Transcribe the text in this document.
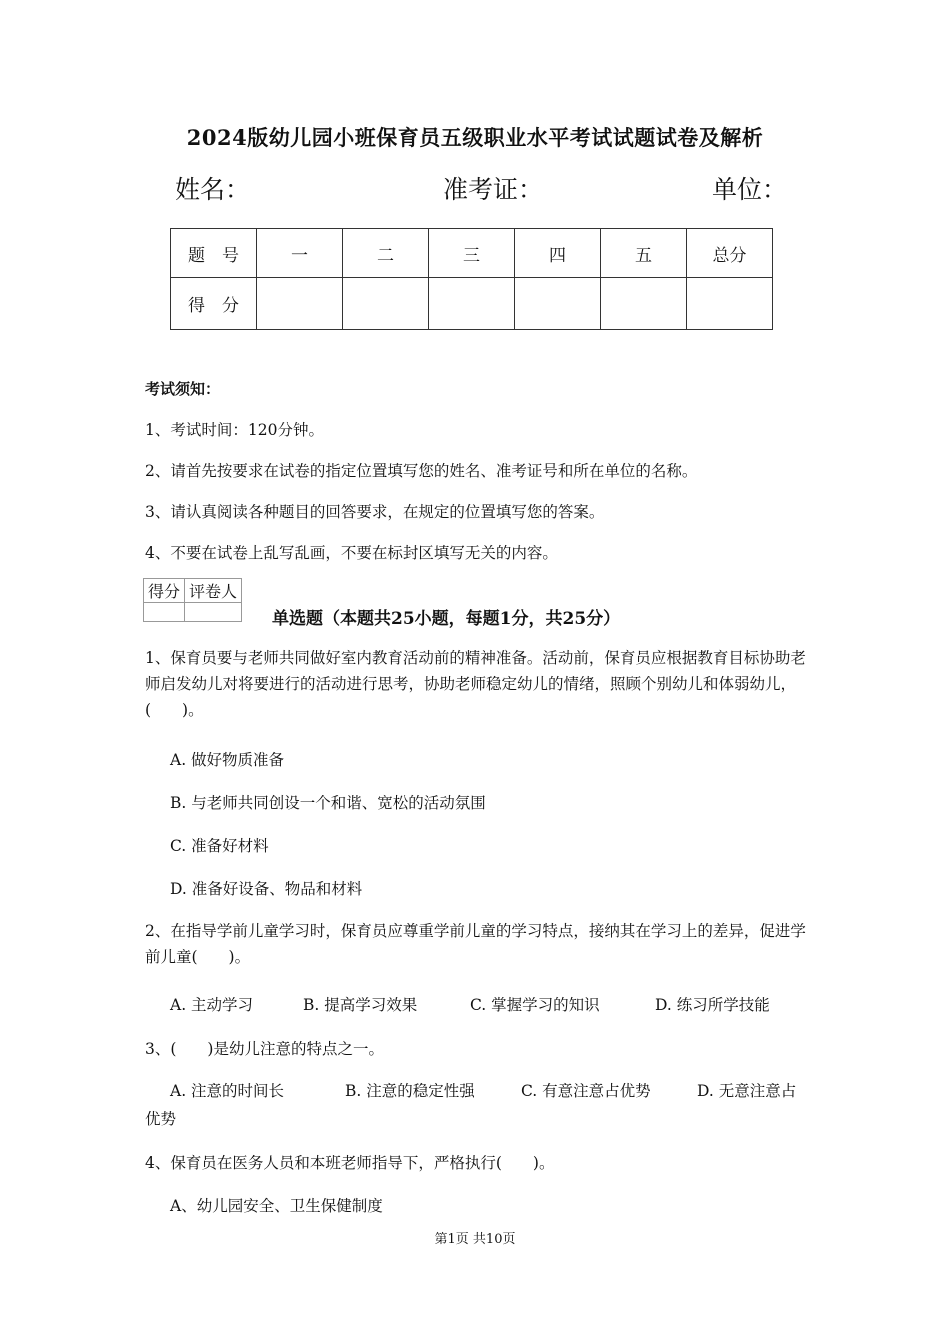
2024版幼儿园小班保育员五级职业水平考试试题试卷及解析
姓名：	准考证：	单位：
题　号	一	二	三	四	五	总分
得　分						
考试须知：
1、考试时间：120分钟。
2、请首先按要求在试卷的指定位置填写您的姓名、准考证号和所在单位的名称。
3、请认真阅读各种题目的回答要求，在规定的位置填写您的答案。
4、不要在试卷上乱写乱画，不要在标封区填写无关的内容。
得分	评卷人

单选题（本题共25小题，每题1分，共25分）
1、保育员要与老师共同做好室内教育活动前的精神准备。活动前，保育员应根据教育目标协助老师启发幼儿对将要进行的活动进行思考，协助老师稳定幼儿的情绪，照顾个别幼儿和体弱幼儿，(　　)。
A. 做好物质准备
B. 与老师共同创设一个和谐、宽松的活动氛围
C. 准备好材料
D. 准备好设备、物品和材料
2、在指导学前儿童学习时，保育员应尊重学前儿童的学习特点，接纳其在学习上的差异，促进学前儿童(　　)。
A. 主动学习	B. 提高学习效果	C. 掌握学习的知识	D. 练习所学技能
3、(　　)是幼儿注意的特点之一。
A. 注意的时间长	B. 注意的稳定性强	C. 有意注意占优势	D. 无意注意占
优势
4、保育员在医务人员和本班老师指导下，严格执行(　　)。
A、幼儿园安全、卫生保健制度
第1页 共10页
